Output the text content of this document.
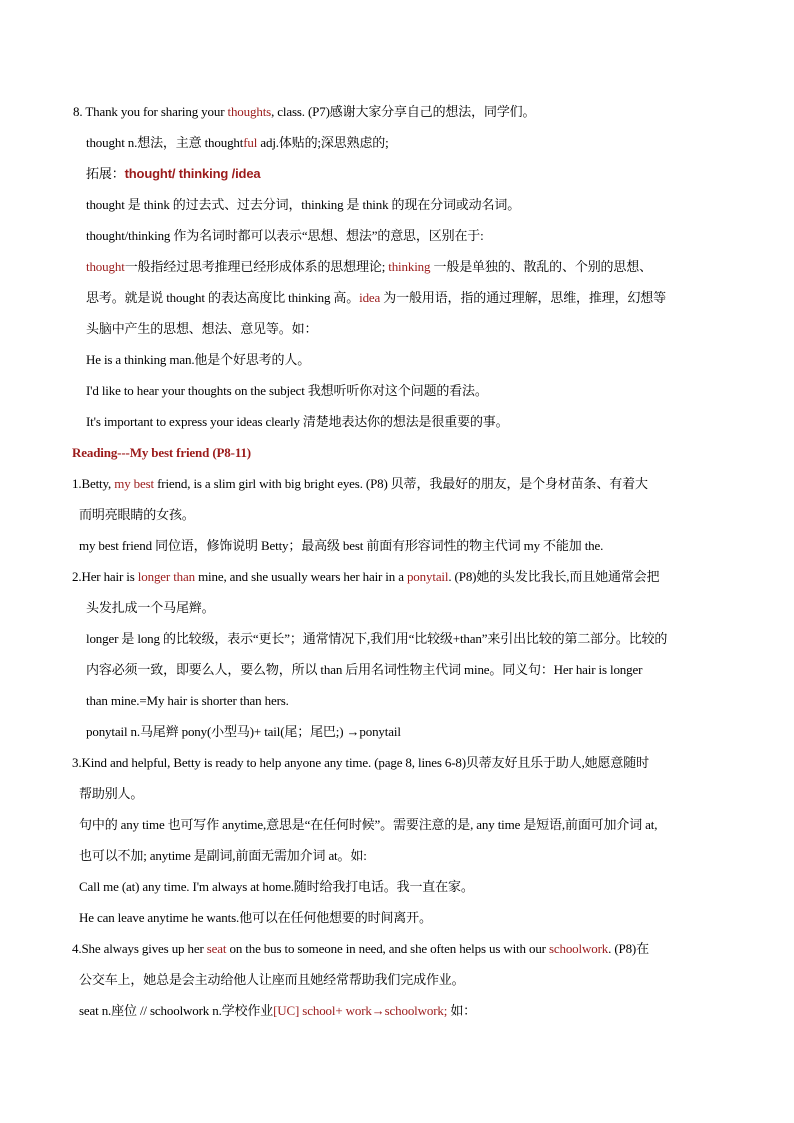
8. Thank you for sharing your thoughts, class. (P7)感谢大家分享自己的想法，同学们。
thought n.想法，主意 thoughtful adj.体贴的;深思熟虑的;
拓展：thought/ thinking /idea
thought 是 think 的过去式、过去分词，thinking 是 think 的现在分词或动名词。
thought/thinking 作为名词时都可以表示“思想、想法”的意思，区别在于:
thought一般指经过思考推理已经形成体系的思想理论; thinking 一般是单独的、散乱的、个别的思想、
思考。就是说 thought 的表达高度比 thinking 高。idea 为一般用语，指的通过理解，思维，推理，幻想等
头脑中产生的思想、想法、意见等。如：
He is a thinking man.他是个好思考的人。
I'd like to hear your thoughts on the subject 我想听听你对这个问题的看法。
It's important to express your ideas clearly 清楚地表达你的想法是很重要的事。
Reading---My best friend (P8-11)
1.Betty, my best friend, is a slim girl with big bright eyes. (P8) 贝蒂，我最好的朋友，是个身材苗条、有着大
而明亮眼睛的女孩。
my best friend 同位语，修饰说明 Betty；最高级 best 前面有形容词性的物主代词 my 不能加 the.
2.Her hair is longer than mine, and she usually wears her hair in a ponytail. (P8)她的头发比我长,而且她通常会把
头发扎成一个马尾辫。
longer 是 long 的比较级，表示“更长”；通常情况下,我们用“比较级+than”来引出比较的第二部分。比较的
内容必须一致，即要么人，要么物，所以 than 后用名词性物主代词 mine。同义句：Her hair is longer
than mine.=My hair is shorter than hers.
ponytail n.马尾辫 pony(小型马)+ tail(尾；尾巴;) →ponytail
3.Kind and helpful, Betty is ready to help anyone any time. (page 8, lines 6-8)贝蒂友好且乐于助人,她愿意随时
帮助别人。
句中的 any time 也可写作 anytime,意思是“在任何时候”。需要注意的是, any time 是短语,前面可加介词 at,
也可以不加; anytime 是副词,前面无需加介词 at。如:
Call me (at) any time. I'm always at home.随时给我打电话。我一直在家。
He can leave anytime he wants.他可以在任何他想要的时间离开。
4.She always gives up her seat on the bus to someone in need, and she often helps us with our schoolwork. (P8)在
公交车上，她总是会主动给他人让座而且她经常帮助我们完成作业。
seat n.座位 // schoolwork n.学校作业[UC] school+ work→schoolwork; 如：
